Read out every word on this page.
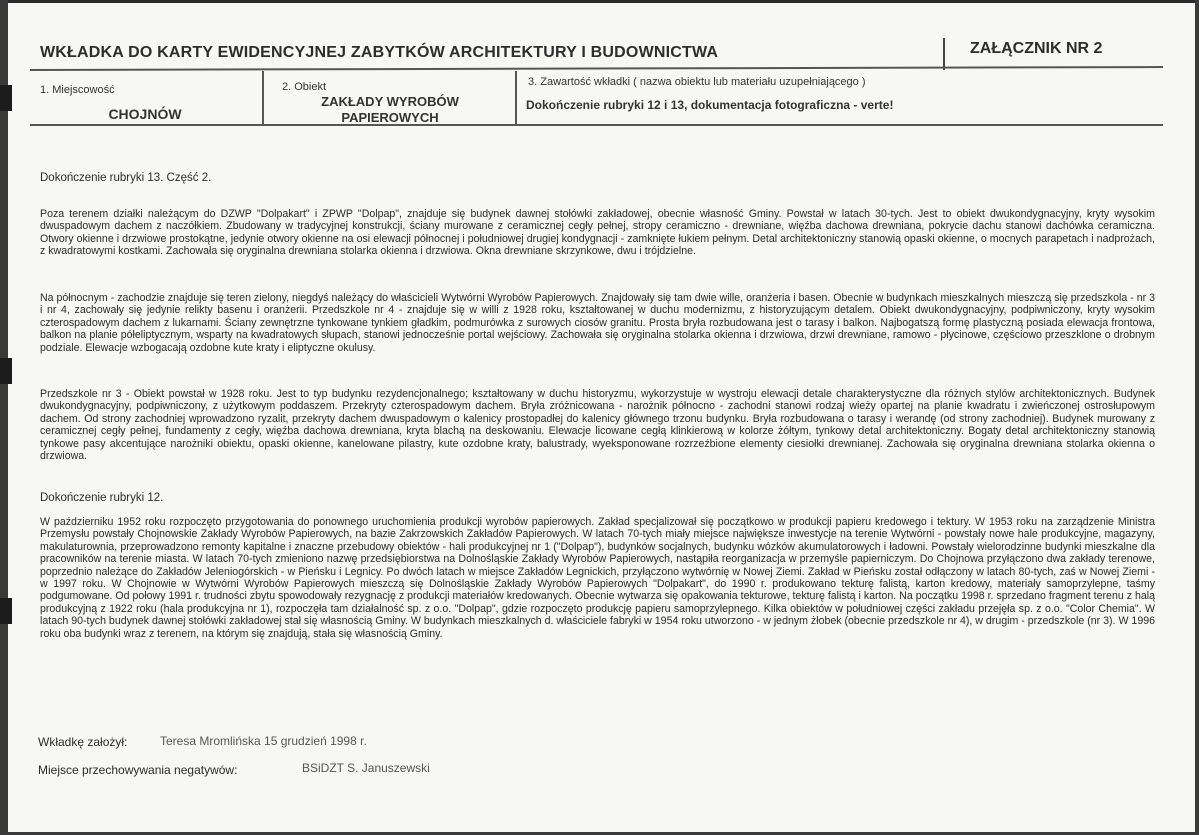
WKŁADKA DO KARTY EWIDENCYJNEJ ZABYTKÓW ARCHITEKTURY I BUDOWNICTWA	ZAŁĄCZNIK NR 2
1. Miejscowość
CHOJNÓW
2. Obiekt
ZAKŁADY WYROBÓW
PAPIEROWYCH
3. Zawartość wkładki ( nazwa obiektu lub materiału uzupełniającego )
Dokończenie rubryki 12 i 13, dokumentacja fotograficzna - verte!
Dokończenie rubryki 13. Część 2.

Poza terenem działki należącym do DZWP "Dolpakart" i ZPWP "Dolpap", znajduje się budynek dawnej stołówki zakładowej, obecnie własność Gminy. Powstał w latach 30-tych. Jest to obiekt dwukondygnacyjny, kryty wysokim dwuspadowym dachem z naczółkiem. Zbudowany w tradycyjnej konstrukcji, ściany murowane z ceramicznej cegły pełnej, stropy ceramiczno - drewniane, więźba dachowa drewniana, pokrycie dachu stanowi dachówka ceramiczna. Otwory okienne i drzwiowe prostokątne, jedynie otwory okienne na osi elewacji północnej i południowej drugiej kondygnacji - zamknięte łukiem pełnym. Detal architektoniczny stanowią opaski okienne, o mocnych parapetach i nadprożach, z kwadratowymi kostkami. Zachowała się oryginalna drewniana stolarka okienna i drzwiowa. Okna drewniane skrzynkowe, dwu i trójdzielne.

Na północnym - zachodzie znajduje się teren zielony, niegdyś należący do właścicieli Wytwórni Wyrobów Papierowych. Znajdowały się tam dwie wille, oranżeria i basen. Obecnie w budynkach mieszkalnych mieszczą się przedszkola - nr 3 i nr 4, zachowały się jedynie relikty basenu i oranżerii. Przedszkole nr 4 - znajduje się w willi z 1928 roku, kształtowanej w duchu modernizmu, z historyzującym detalem. Obiekt dwukondygnacyjny, podpiwniczony, kryty wysokim czterospadowym dachem z lukarnami. Ściany zewnętrzne tynkowane tynkiem gładkim, podmurówka z surowych ciosów granitu. Prosta bryła rozbudowana jest o tarasy i balkon. Najbogatszą formę plastyczną posiada elewacja frontowa, balkon na planie półeliptycznym, wsparty na kwadratowych słupach, stanowi jednocześnie portal wejściowy. Zachowała się oryginalna stolarka okienna i drzwiowa, drzwi drewniane, ramowo - płycinowe, częściowo przeszklone o drobnym podziale. Elewacje wzbogacają ozdobne kute kraty i eliptyczne okulusy.

Przedszkole nr 3 - Obiekt powstał w 1928 roku. Jest to typ budynku rezydencjonalnego; kształtowany w duchu historyzmu, wykorzystuje w wystroju elewacji detale charakterystyczne dla różnych stylów architektonicznych. Budynek dwukondygnacyjny, podpiwniczony, z użytkowym poddaszem. Przekryty czterospadowym dachem. Bryła zróżnicowana - narożnik północno - zachodni stanowi rodzaj wieży opartej na planie kwadratu i zwieńczonej ostrosłupowym dachem. Od strony zachodniej wprowadzono ryzalit, przekryty dachem dwuspadowym o kalenicy prostopadłej do kalenicy głównego trzonu budynku. Bryła rozbudowana o tarasy i werandę (od strony zachodniej). Budynek murowany z ceramicznej cegły pełnej, fundamenty z cegły, więźba dachowa drewniana, kryta blachą na deskowaniu. Elewacje licowane cegłą klinkierową w kolorze żółtym, tynkowy detal architektoniczny. Bogaty detal architektoniczny stanowią tynkowe pasy akcentujące narożniki obiektu, opaski okienne, kanelowane pilastry, kute ozdobne kraty, balustrady, wyeksponowane rozrzeźbione elementy ciesiołki drewnianej. Zachowała się oryginalna drewniana stolarka okienna o drzwiowa.

Dokończenie rubryki 12.

W październiku 1952 roku rozpoczęto przygotowania do ponownego uruchomienia produkcji wyrobów papierowych. Zakład specjalizował się początkowo w produkcji papieru kredowego i tektury. W 1953 roku na zarządzenie Ministra Przemysłu powstały Chojnowskie Zakłady Wyrobów Papierowych, na bazie Zakrzowskich Zakładów Papierowych. W latach 70-tych miały miejsce największe inwestycje na terenie Wytwórni - powstały nowe hale produkcyjne, magazyny, makulaturownia, przeprowadzono remonty kapitalne i znaczne przebudowy obiektów - hali produkcyjnej nr 1 ("Dolpap"), budynków socjalnych, budynku wózków akumulatorowych i ładowni. Powstały wielorodzinne budynki mieszkalne dla pracowników na terenie miasta. W latach 70-tych zmieniono nazwę przedsiębiorstwa na Dolnośląskie Zakłady Wyrobów Papierowych, nastąpiła reorganizacja w przemyśle papierniczym. Do Chojnowa przyłączono dwa zakłady terenowe, poprzednio należące do Zakładów Jeleniogórskich - w Pieńsku i Legnicy. Po dwóch latach w miejsce Zakładów Legnickich, przyłączono wytwórnię w Nowej Ziemi. Zakład w Pieńsku został odłączony w latach 80-tych, zaś w Nowej Ziemi - w 1997 roku. W Chojnowie w Wytwórni Wyrobów Papierowych mieszczą się Dolnośląskie Zakłady Wyrobów Papierowych "Dolpakart", do 1990 r. produkowano tekturę falistą, karton kredowy, materiały samoprzylepne, taśmy podgumowane. Od połowy 1991 r. trudności zbytu spowodowały rezygnację z produkcji materiałów kredowanych. Obecnie wytwarza się opakowania tekturowe, tekturę falistą i karton. Na początku 1998 r. sprzedano fragment terenu z halą produkcyjną z 1922 roku (hala produkcyjna nr 1), rozpoczęła tam działalność sp. z o.o. "Dolpap", gdzie rozpoczęto produkcję papieru samoprzylepnego. Kilka obiektów w południowej części zakładu przejęła sp. z o.o. "Color Chemia". W latach 90-tych budynek dawnej stołówki zakładowej stał się własnością Gminy. W budynkach mieszkalnych d. właściciele fabryki w 1954 roku utworzono - w jednym żłobek (obecnie przedszkole nr 4), w drugim - przedszkole (nr 3). W 1996 roku oba budynki wraz z terenem, na którym się znajdują, stała się własnością Gminy.

Wkładkę założył:	Teresa Mromlińska 15 grudzień 1998 r.
Miejsce przechowywania negatywów:	BSiDZT S. Januszewski
